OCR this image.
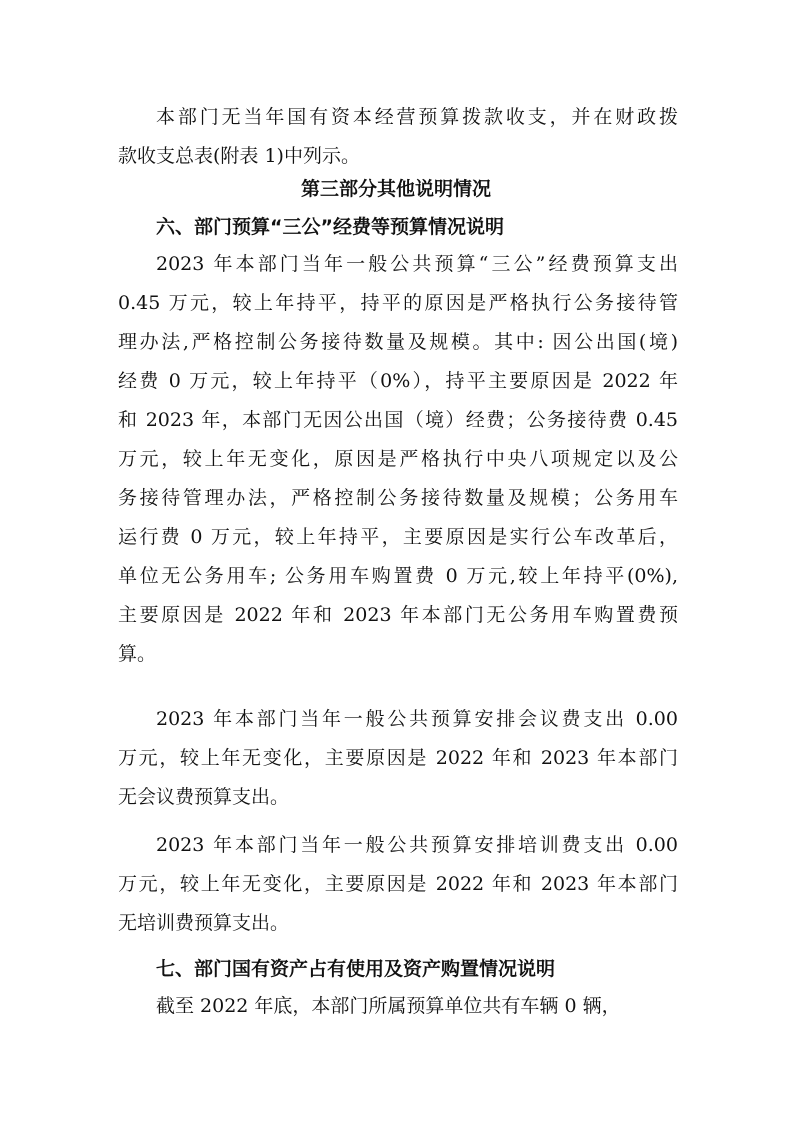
本部门无当年国有资本经营预算拨款收支，并在财政拨
款收支总表(附表 1)中列示。
第三部分其他说明情况
六、部门预算“三公”经费等预算情况说明
2023 年本部门当年一般公共预算“三公”经费预算支出
0.45 万元，较上年持平，持平的原因是严格执行公务接待管
理办法,严格控制公务接待数量及规模。其中: 因公出国(境)
经费 0 万元，较上年持平（0%），持平主要原因是 2022 年
和 2023 年，本部门无因公出国（境）经费；公务接待费 0.45
万元，较上年无变化，原因是严格执行中央八项规定以及公
务接待管理办法，严格控制公务接待数量及规模；公务用车
运行费 0 万元，较上年持平，主要原因是实行公车改革后，
单位无公务用车; 公务用车购置费 0 万元,较上年持平(0%),
主要原因是 2022 年和 2023 年本部门无公务用车购置费预
算。
2023 年本部门当年一般公共预算安排会议费支出 0.00
万元，较上年无变化，主要原因是 2022 年和 2023 年本部门
无会议费预算支出。
2023 年本部门当年一般公共预算安排培训费支出 0.00
万元，较上年无变化，主要原因是 2022 年和 2023 年本部门
无培训费预算支出。
七、部门国有资产占有使用及资产购置情况说明
截至 2022 年底，本部门所属预算单位共有车辆 0 辆，
